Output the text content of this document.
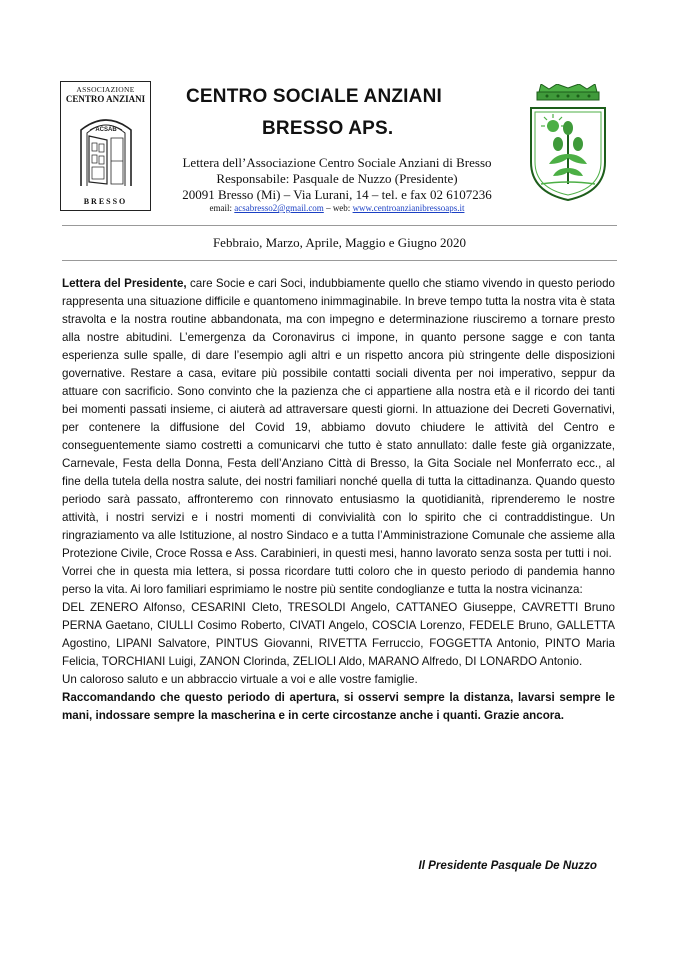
ASSOCIAZIONE
CENTRO ANZIANI
ACSAB
BRESSO
CENTRO SOCIALE ANZIANI
BRESSO APS.
Lettera dell’Associazione Centro Sociale Anziani di Bresso
Responsabile: Pasquale de Nuzzo (Presidente)
20091 Bresso (Mi) – Via Lurani, 14 – tel. e fax 02 6107236
email: acsabresso2@gmail.com – web: www.centroanzianibressoaps.it
Febbraio, Marzo, Aprile, Maggio e Giugno 2020

Lettera del Presidente, care Socie e cari Soci, indubbiamente quello che stiamo vivendo in questo periodo rappresenta una situazione difficile e quantomeno inimmaginabile. In breve tempo tutta la nostra vita è stata stravolta e la nostra routine abbandonata, ma con impegno e determinazione riusciremo a tornare presto alla nostre abitudini. L’emergenza da Coronavirus ci impone, in quanto persone sagge e con tanta esperienza sulle spalle, di dare l’esempio agli altri e un rispetto ancora più stringente delle disposizioni governative. Restare a casa, evitare più possibile contatti sociali diventa per noi imperativo, seppur da attuare con sacrificio. Sono convinto che la pazienza che ci appartiene alla nostra età e il ricordo dei tanti bei momenti passati insieme, ci aiuterà ad attraversare questi giorni. In attuazione dei Decreti Governativi, per contenere la diffusione del Covid 19, abbiamo dovuto chiudere le attività del Centro e conseguentemente siamo costretti a comunicarvi che tutto è stato annullato: dalle feste già organizzate, Carnevale, Festa della Donna, Festa dell’Anziano Città di Bresso, la Gita Sociale nel Monferrato ecc., al fine della tutela della nostra salute, dei nostri familiari nonché quella di tutta la cittadinanza. Quando questo periodo sarà passato, affronteremo con rinnovato entusiasmo la quotidianità, riprenderemo le nostre attività, i nostri servizi e i nostri momenti di convivialità con lo spirito che ci contraddistingue. Un ringraziamento va alle Istituzione, al nostro Sindaco e a tutta l’Amministrazione Comunale che assieme alla Protezione Civile, Croce Rossa e Ass. Carabinieri, in questi mesi, hanno lavorato senza sosta per tutti i noi.

Vorrei che in questa mia lettera, si possa ricordare tutti coloro che in questo periodo di pandemia hanno perso la vita. Ai loro familiari esprimiamo le nostre più sentite condoglianze e tutta la nostra vicinanza:

DEL ZENERO Alfonso, CESARINI Cleto, TRESOLDI Angelo, CATTANEO Giuseppe, CAVRETTI Bruno PERNA Gaetano, CIULLI Cosimo Roberto, CIVATI Angelo, COSCIA Lorenzo, FEDELE Bruno, GALLETTA Agostino, LIPANI Salvatore, PINTUS Giovanni, RIVETTA Ferruccio, FOGGETTA Antonio, PINTO Maria Felicia, TORCHIANI Luigi, ZANON Clorinda, ZELIOLI Aldo, MARANO Alfredo, DI LONARDO Antonio.

Un caloroso saluto e un abbraccio virtuale a voi e alle vostre famiglie.

Raccomandando che questo periodo di apertura, si osservi sempre la distanza, lavarsi sempre le mani, indossare sempre la mascherina e in certe circostanze anche i quanti. Grazie ancora.

Il Presidente Pasquale De Nuzzo
